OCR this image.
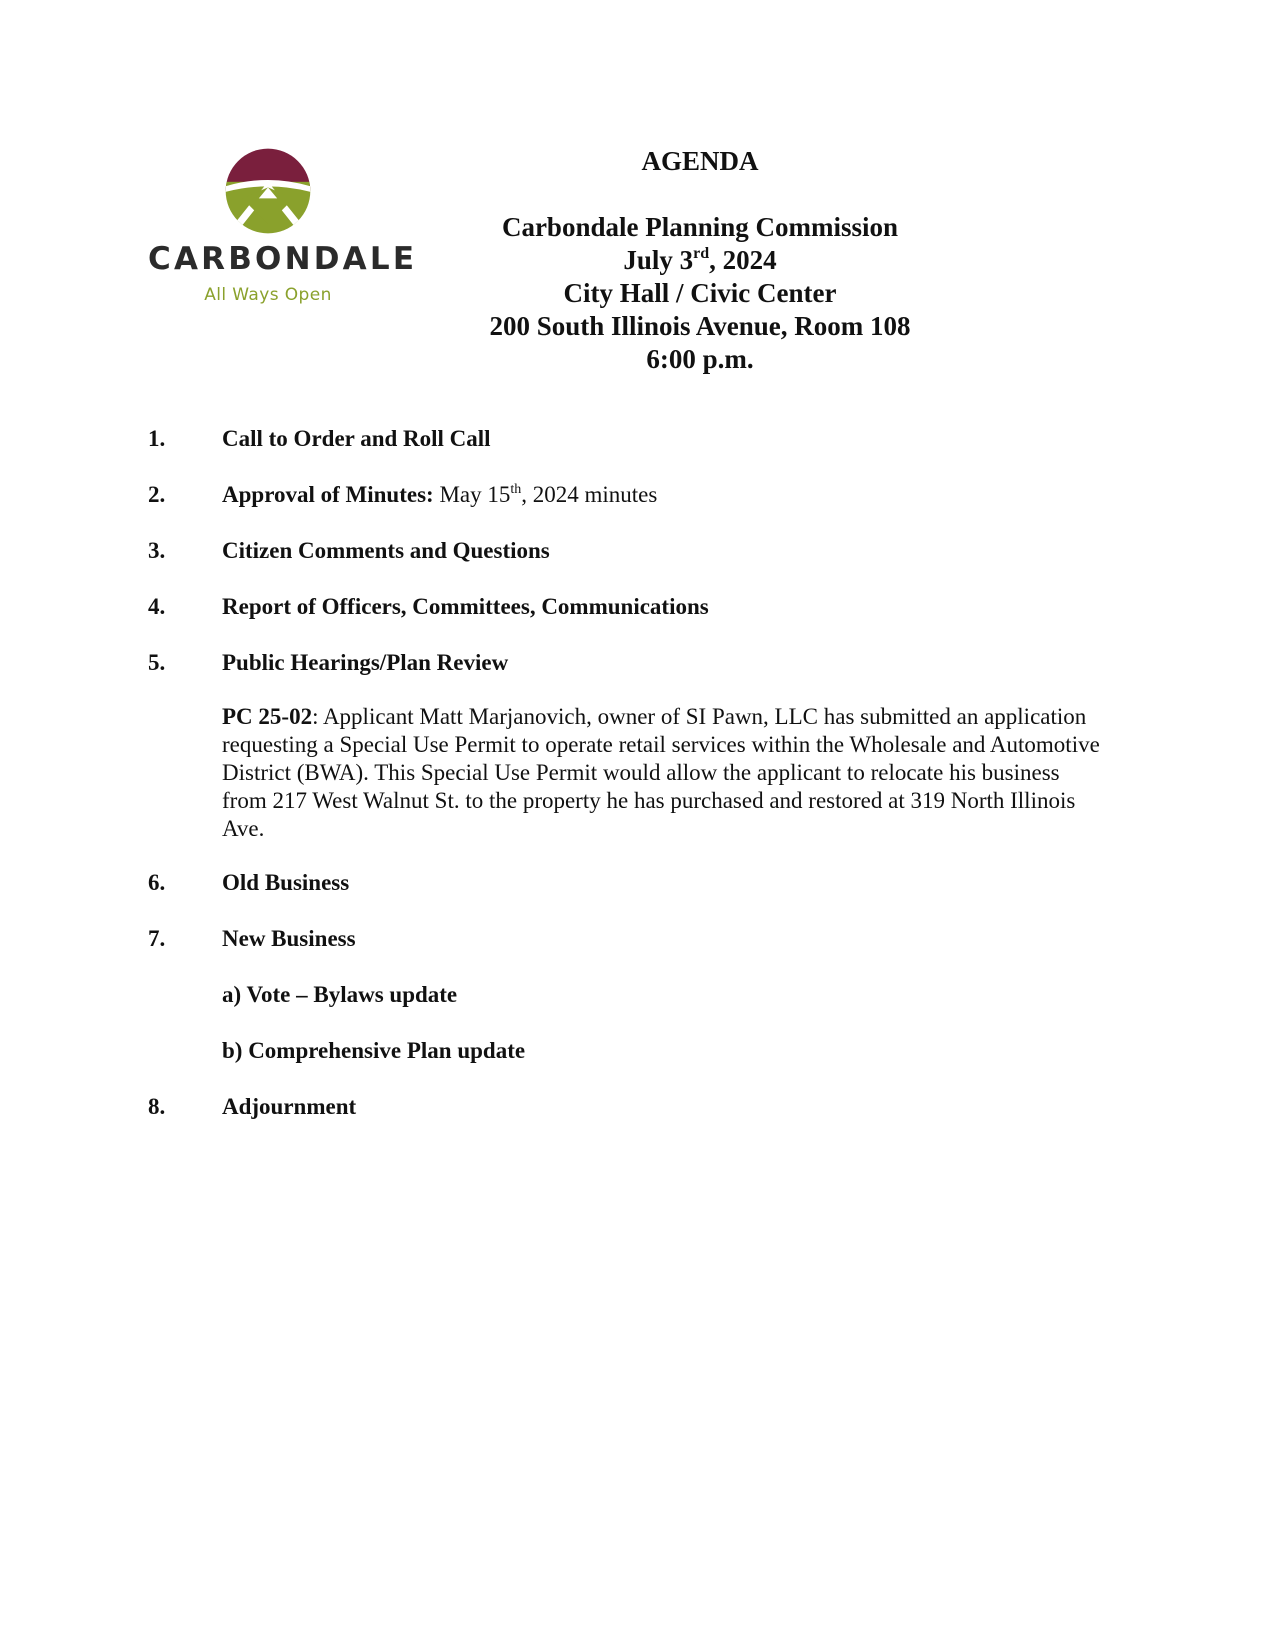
CARBONDALE
All Ways Open
AGENDA
Carbondale Planning Commission
July 3rd, 2024
City Hall / Civic Center
200 South Illinois Avenue, Room 108
6:00 p.m.
1. Call to Order and Roll Call
2. Approval of Minutes: May 15th, 2024 minutes
3. Citizen Comments and Questions
4. Report of Officers, Committees, Communications
5. Public Hearings/Plan Review
PC 25-02: Applicant Matt Marjanovich, owner of SI Pawn, LLC has submitted an application requesting a Special Use Permit to operate retail services within the Wholesale and Automotive District (BWA). This Special Use Permit would allow the applicant to relocate his business from 217 West Walnut St. to the property he has purchased and restored at 319 North Illinois Ave.
6. Old Business
7. New Business
a) Vote – Bylaws update
b) Comprehensive Plan update
8. Adjournment
